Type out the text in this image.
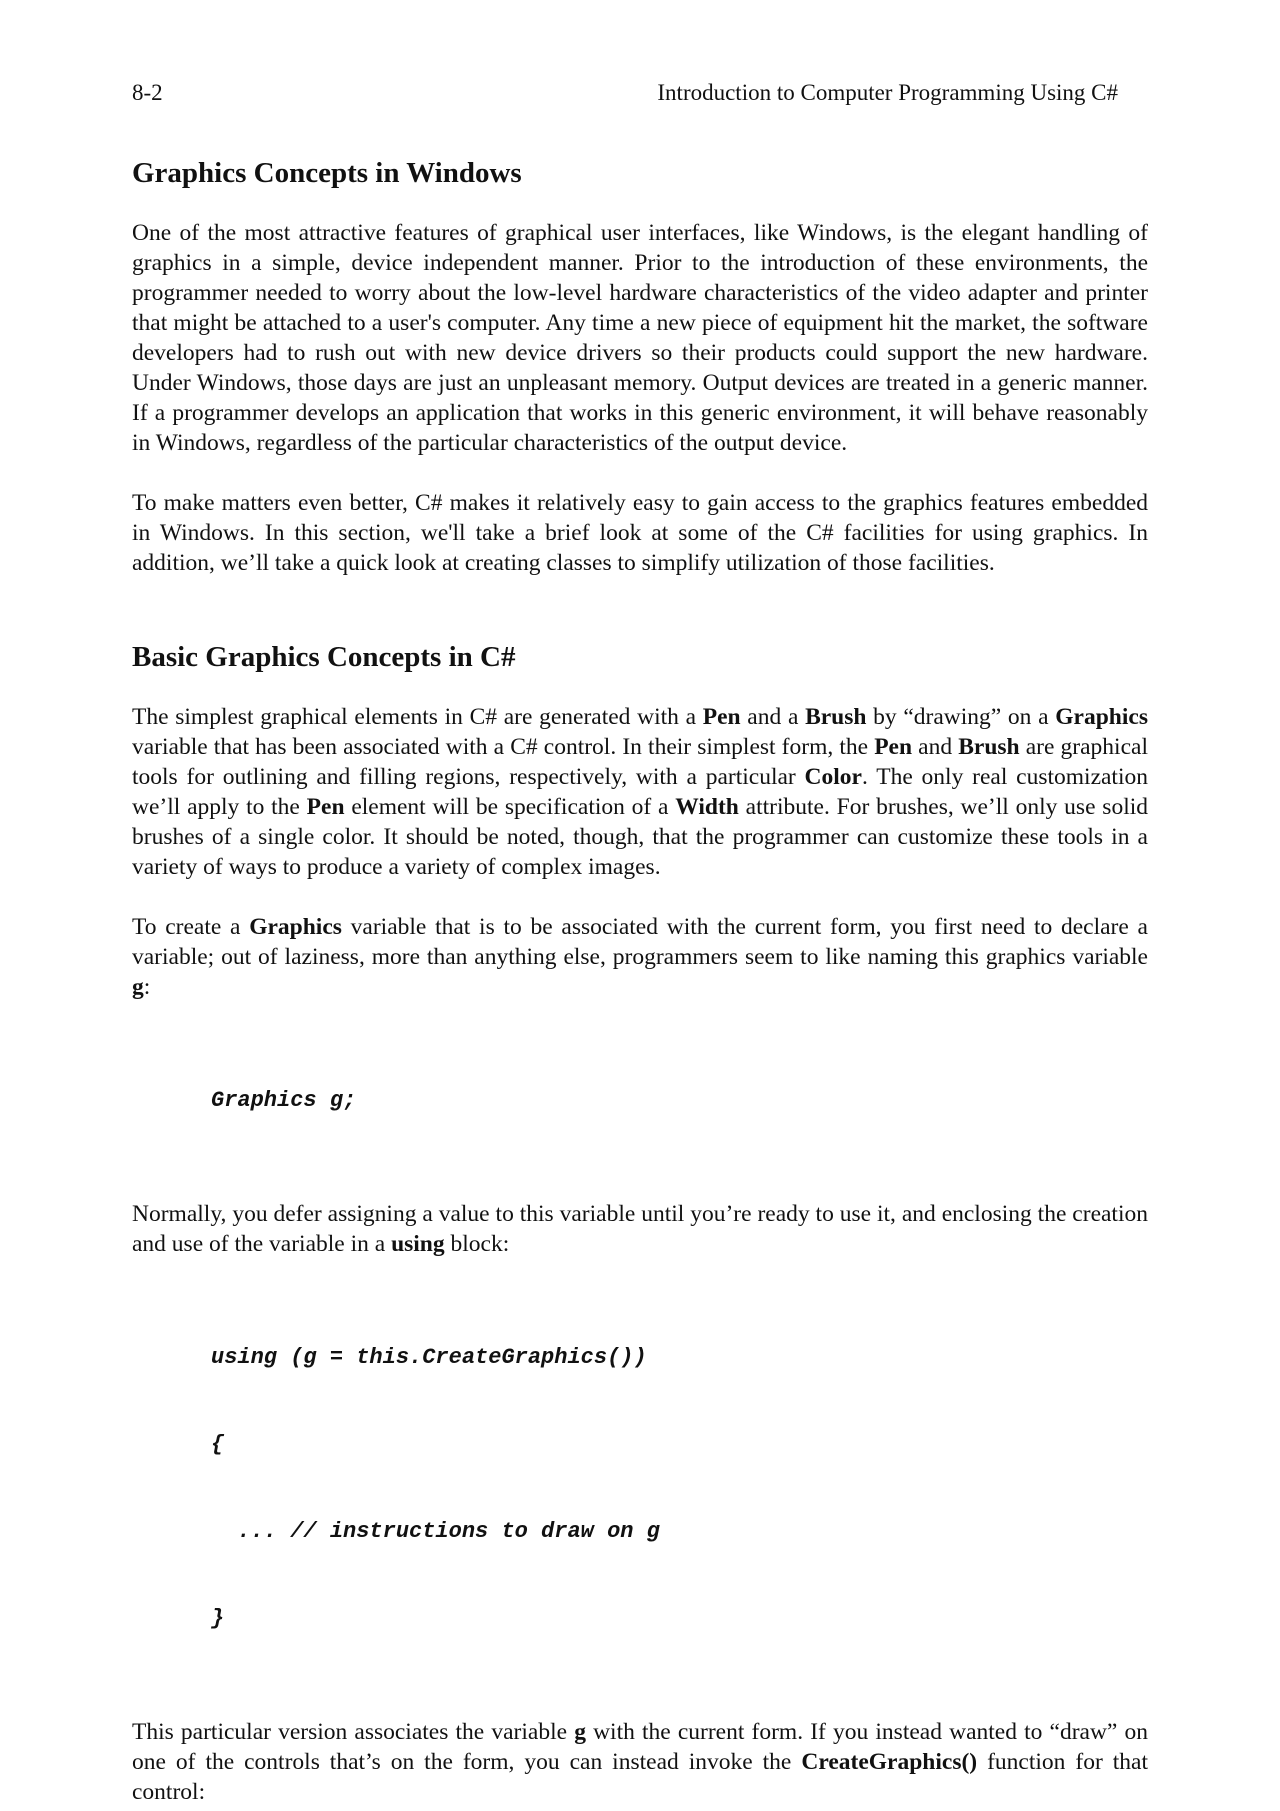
8-2	Introduction to Computer Programming Using C#
Graphics Concepts in Windows

One of the most attractive features of graphical user interfaces, like Windows, is the elegant handling of graphics in a simple, device independent manner. Prior to the introduction of these environments, the programmer needed to worry about the low-level hardware characteristics of the video adapter and printer that might be attached to a user's computer. Any time a new piece of equipment hit the market, the software developers had to rush out with new device drivers so their products could support the new hardware. Under Windows, those days are just an unpleasant memory. Output devices are treated in a generic manner. If a programmer develops an application that works in this generic environment, it will behave reasonably in Windows, regardless of the particular characteristics of the output device.

To make matters even better, C# makes it relatively easy to gain access to the graphics features embedded in Windows. In this section, we'll take a brief look at some of the C# facilities for using graphics. In addition, we’ll take a quick look at creating classes to simplify utilization of those facilities.

Basic Graphics Concepts in C#

The simplest graphical elements in C# are generated with a Pen and a Brush by “drawing” on a Graphics variable that has been associated with a C# control. In their simplest form, the Pen and Brush are graphical tools for outlining and filling regions, respectively, with a particular Color. The only real customization we’ll apply to the Pen element will be specification of a Width attribute. For brushes, we’ll only use solid brushes of a single color. It should be noted, though, that the programmer can customize these tools in a variety of ways to produce a variety of complex images.

To create a Graphics variable that is to be associated with the current form, you first need to declare a variable; out of laziness, more than anything else, programmers seem to like naming this graphics variable g:

Graphics g;

Normally, you defer assigning a value to this variable until you’re ready to use it, and enclosing the creation and use of the variable in a using block:

using (g = this.CreateGraphics())

{

... // instructions to draw on g

}

This particular version associates the variable g with the current form. If you instead wanted to “draw” on one of the controls that’s on the form, you can instead invoke the CreateGraphics() function for that control:
